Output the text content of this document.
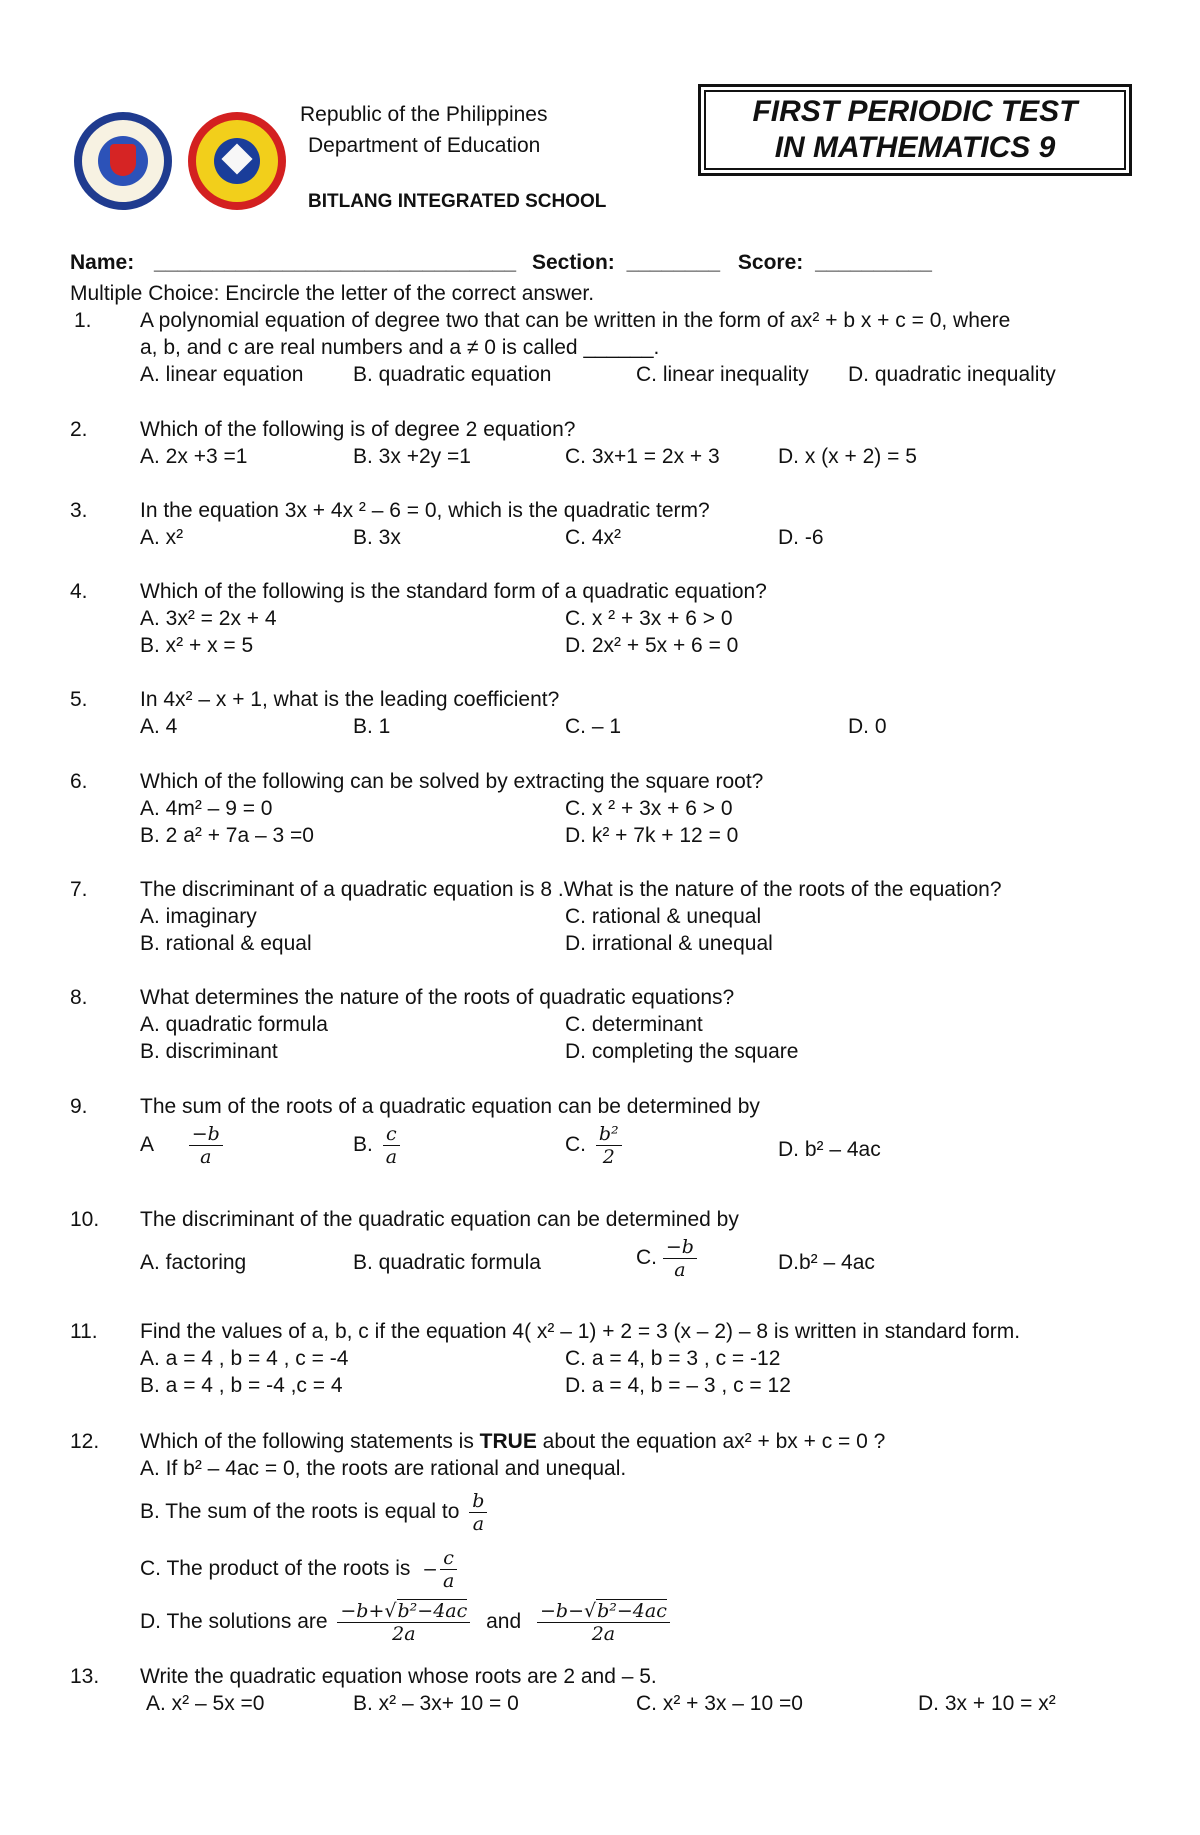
Republic of the Philippines
Department of Education
BITLANG INTEGRATED SCHOOL
FIRST PERIODIC TEST
IN MATHEMATICS 9
Name: _______________________________ Section: ________ Score: __________
Multiple Choice: Encircle the letter of the correct answer.
1. A polynomial equation of degree two that can be written in the form of ax² + b x + c = 0, where
a, b, and c are real numbers and a ≠ 0 is called ______.
A. linear equation B. quadratic equation	C. linear inequality D. quadratic inequality
2. Which of the following is of degree 2 equation?
A. 2x +3 =1	B. 3x +2y =1	C. 3x+1 = 2x + 3	D. x (x + 2) = 5
3. In the equation 3x + 4x ² – 6 = 0, which is the quadratic term?
A. x²	B. 3x	C. 4x²	D. -6
4. Which of the following is the standard form of a quadratic equation?
A. 3x² = 2x + 4	C. x ² + 3x + 6 > 0
B. x² + x = 5	D. 2x² + 5x + 6 = 0
5. In 4x² – x + 1, what is the leading coefficient?
A. 4	B. 1	C. – 1	D. 0
6. Which of the following can be solved by extracting the square root?
A. 4m² – 9 = 0	C. x ² + 3x + 6 > 0
B. 2 a² + 7a – 3 =0	D. k² + 7k + 12 = 0
7. The discriminant of a quadratic equation is 8 .What is the nature of the roots of the equation?
A. imaginary	C. rational & unequal
B. rational & equal	D. irrational & unequal
8. What determines the nature of the roots of quadratic equations?
A. quadratic formula	C. determinant
B. discriminant	D. completing the square
9. The sum of the roots of a quadratic equation can be determined by
A $\frac{-b}{a}$	B. $\frac{c}{a}$	C. $\frac{\text{b²}}{2}$	D. b² – 4ac
10. The discriminant of the quadratic equation can be determined by
A. factoring	B. quadratic formula	C. $\frac{-b}{a}$	D.b² – 4ac
11. Find the values of a, b, c if the equation 4( x² – 1) + 2 = 3 (x – 2) – 8 is written in standard form.
A. a = 4 , b = 4 , c = -4	C. a = 4, b = 3 , c = -12
B. a = 4 , b = -4 ,c = 4	D. a = 4, b = – 3 , c = 12
12. Which of the following statements is TRUE about the equation ax² + bx + c = 0 ?
A. If b² – 4ac = 0, the roots are rational and unequal.
B. The sum of the roots is equal to $\frac{b}{a}$
C. The product of the roots is – $\frac{c}{a}$
D. The solutions are $\frac{\text{−b+√b²−4ac}}{2a}$ and $\frac{\text{−b−√b²−4ac}}{2a}$
13. Write the quadratic equation whose roots are 2 and – 5.
A. x² – 5x =0	B. x² – 3x+ 10 = 0	C. x² + 3x – 10 =0	D. 3x + 10 = x²
